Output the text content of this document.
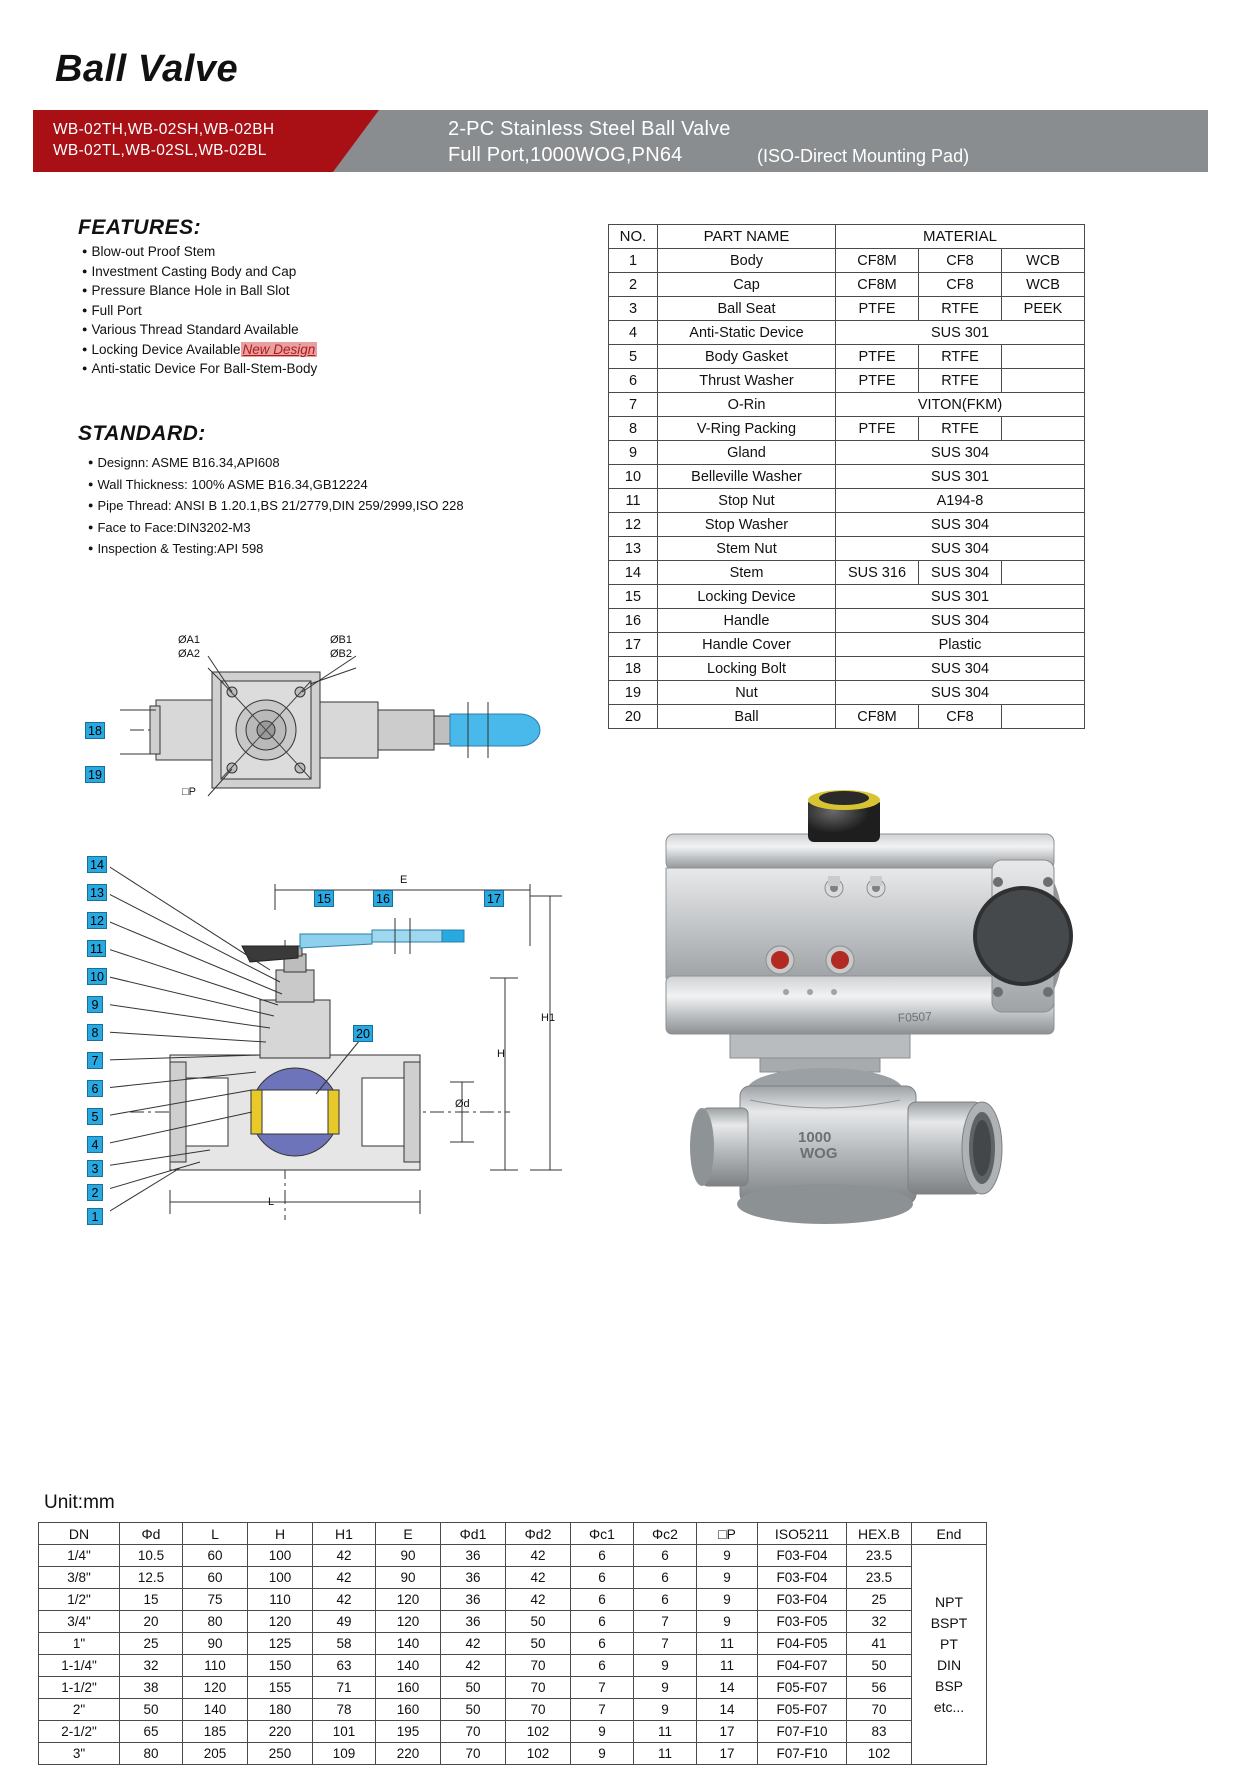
Ball Valve
WB-02TH,WB-02SH,WB-02BH
WB-02TL,WB-02SL,WB-02BL
2-PC Stainless Steel Ball Valve
Full Port,1000WOG,PN64	(ISO-Direct Mounting Pad)
FEATURES:
● Blow-out Proof Stem
● Investment Casting Body and Cap
● Pressure Blance Hole in Ball Slot
● Full Port
● Various Thread Standard Available
● Locking Device Available New Design
● Anti-static Device For Ball-Stem-Body
STANDARD:
● Designn: ASME B16.34,API608
● Wall Thickness: 100% ASME B16.34,GB12224
● Pipe Thread: ANSI B 1.20.1,BS 21/2779,DIN 259/2999,ISO 228
● Face to Face:DIN3202-M3
● Inspection & Testing:API 598
NO.	PART NAME	MATERIAL		
1	Body	CF8M	CF8	WCB
2	Cap	CF8M	CF8	WCB
3	Ball Seat	PTFE	RTFE	PEEK
4	Anti-Static Device	SUS 301		
5	Body Gasket	PTFE	RTFE	
6	Thrust Washer	PTFE	RTFE	
7	O-Rin	VITON(FKM)		
8	V-Ring Packing	PTFE	RTFE	
9	Gland	SUS 304		
10	Belleville Washer	SUS 301		
11	Stop Nut	A194-8		
12	Stop Washer	SUS 304		
13	Stem Nut	SUS 304		
14	Stem	SUS 316	SUS 304	
15	Locking Device	SUS 301		
16	Handle	SUS 304		
17	Handle Cover	Plastic		
18	Locking Bolt	SUS 304		
19	Nut	SUS 304		
20	Ball	CF8M	CF8	
ØA1
ØA2
ØB1
ØB2
□P
18
19
14
13
12
11
10
9
8
7
6
5
4
3
2
1
15	16	17
20
E
H1
H
Ød
L
F0507
1000
WOG
Unit:mm
DN	Φd	L	H	H1	E	Φd1	Φd2	Φc1	Φc2	□P	ISO5211	HEX.B	End
1/4"	10.5	60	100	42	90	36	42	6	6	9	F03-F04	23.5	
NPT
BSPT
PT
DIN
BSP
etc...

3/8"	12.5	60	100	42	90	36	42	6	6	9	F03-F04	23.5	
1/2"	15	75	110	42	120	36	42	6	6	9	F03-F04	25	
3/4"	20	80	120	49	120	36	50	6	7	9	F03-F05	32	
1"	25	90	125	58	140	42	50	6	7	11	F04-F05	41	
1-1/4"	32	110	150	63	140	42	70	6	9	11	F04-F07	50	
1-1/2"	38	120	155	71	160	50	70	7	9	14	F05-F07	56	
2"	50	140	180	78	160	50	70	7	9	14	F05-F07	70	
2-1/2"	65	185	220	101	195	70	102	9	11	17	F07-F10	83	
3"	80	205	250	109	220	70	102	9	11	17	F07-F10	102	
